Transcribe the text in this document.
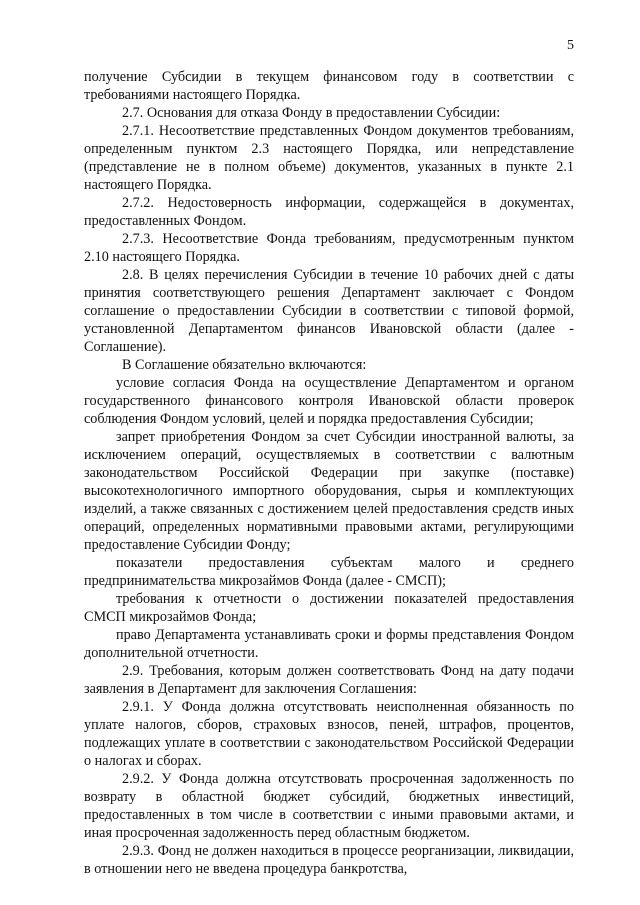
5

получение Субсидии в текущем финансовом году в соответствии с требованиями настоящего Порядка.

2.7. Основания для отказа Фонду в предоставлении Субсидии:

2.7.1. Несоответствие представленных Фондом документов требованиям, определенным пунктом 2.3 настоящего Порядка, или непредставление (представление не в полном объеме) документов, указанных в пункте 2.1 настоящего Порядка.

2.7.2. Недостоверность информации, содержащейся в документах, предоставленных Фондом.

2.7.3. Несоответствие Фонда требованиям, предусмотренным пунктом 2.10 настоящего Порядка.

2.8. В целях перечисления Субсидии в течение 10 рабочих дней с даты принятия соответствующего решения Департамент заключает с Фондом соглашение о предоставлении Субсидии в соответствии с типовой формой, установленной Департаментом финансов Ивановской области (далее - Соглашение).

В Соглашение обязательно включаются:

условие согласия Фонда на осуществление Департаментом и органом государственного финансового контроля Ивановской области проверок соблюдения Фондом условий, целей и порядка предоставления Субсидии;

запрет приобретения Фондом за счет Субсидии иностранной валюты, за исключением операций, осуществляемых в соответствии с валютным законодательством Российской Федерации при закупке (поставке) высокотехнологичного импортного оборудования, сырья и комплектующих изделий, а также связанных с достижением целей предоставления средств иных операций, определенных нормативными правовыми актами, регулирующими предоставление Субсидии Фонду;

показатели предоставления субъектам малого и среднего предпринимательства микрозаймов Фонда (далее - СМСП);

требования к отчетности о достижении показателей предоставления СМСП микрозаймов Фонда;

право Департамента устанавливать сроки и формы представления Фондом дополнительной отчетности.

2.9. Требования, которым должен соответствовать Фонд на дату подачи заявления в Департамент для заключения Соглашения:

2.9.1. У Фонда должна отсутствовать неисполненная обязанность по уплате налогов, сборов, страховых взносов, пеней, штрафов, процентов, подлежащих уплате в соответствии с законодательством Российской Федерации о налогах и сборах.

2.9.2. У Фонда должна отсутствовать просроченная задолженность по возврату в областной бюджет субсидий, бюджетных инвестиций, предоставленных в том числе в соответствии с иными правовыми актами, и иная просроченная задолженность перед областным бюджетом.

2.9.3. Фонд не должен находиться в процессе реорганизации, ликвидации, в отношении него не введена процедура банкротства,
